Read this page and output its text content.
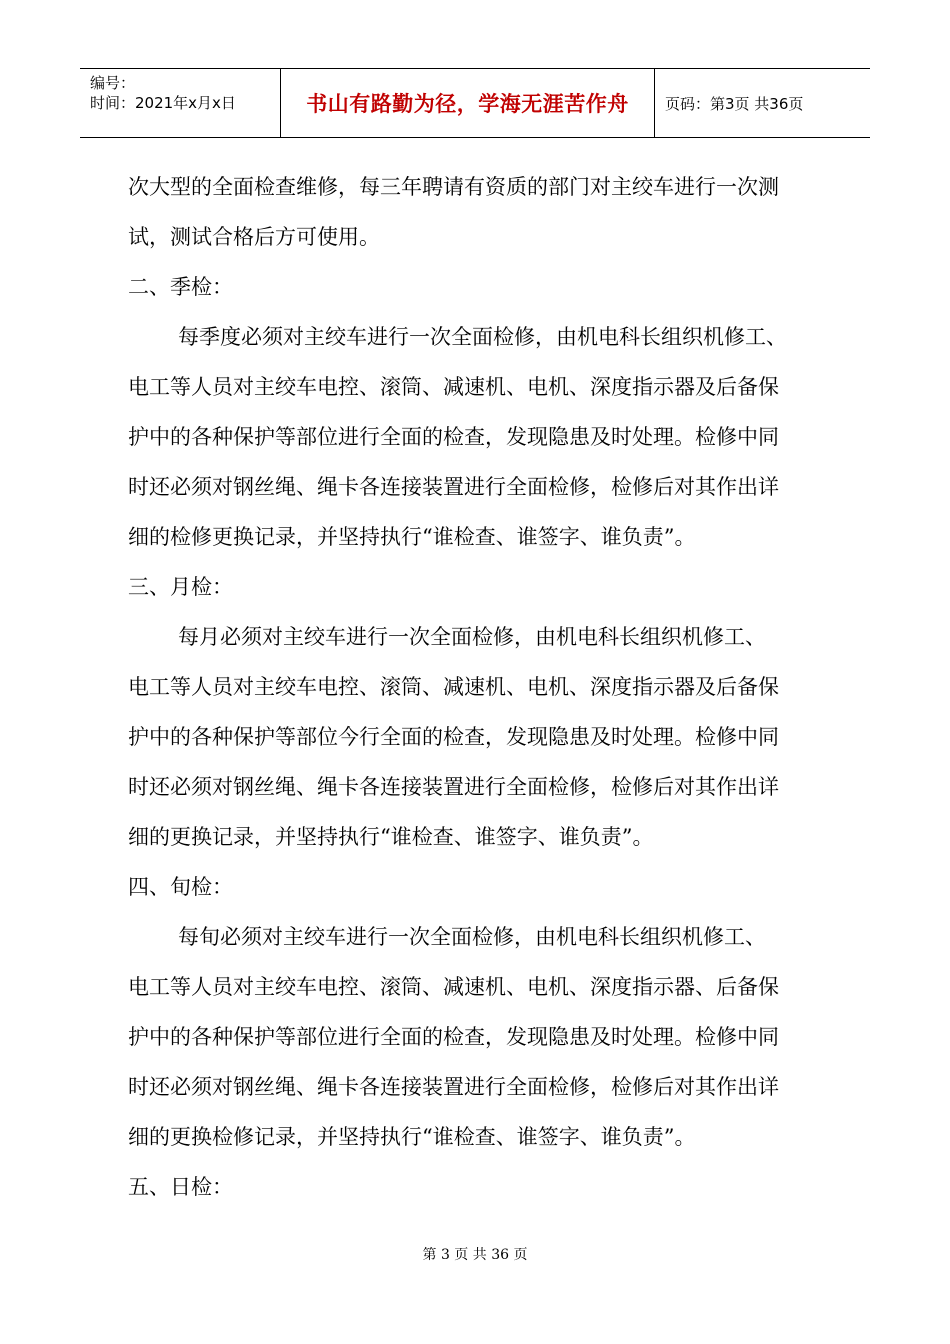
编号：
时间：2021年x月x日	书山有路勤为径，学海无涯苦作舟	页码：第3页 共36页
次大型的全面检查维修，每三年聘请有资质的部门对主绞车进行一次测
试，测试合格后方可使用。
二、季检：
每季度必须对主绞车进行一次全面检修，由机电科长组织机修工、
电工等人员对主绞车电控、滚筒、减速机、电机、深度指示器及后备保
护中的各种保护等部位进行全面的检查，发现隐患及时处理。检修中同
时还必须对钢丝绳、绳卡各连接装置进行全面检修，检修后对其作出详
细的检修更换记录，并坚持执行“谁检查、谁签字、谁负责”。
三、月检：
每月必须对主绞车进行一次全面检修，由机电科长组织机修工、
电工等人员对主绞车电控、滚筒、减速机、电机、深度指示器及后备保
护中的各种保护等部位今行全面的检查，发现隐患及时处理。检修中同
时还必须对钢丝绳、绳卡各连接装置进行全面检修，检修后对其作出详
细的更换记录，并坚持执行“谁检查、谁签字、谁负责”。
四、旬检：
每旬必须对主绞车进行一次全面检修，由机电科长组织机修工、
电工等人员对主绞车电控、滚筒、减速机、电机、深度指示器、后备保
护中的各种保护等部位进行全面的检查，发现隐患及时处理。检修中同
时还必须对钢丝绳、绳卡各连接装置进行全面检修，检修后对其作出详
细的更换检修记录，并坚持执行“谁检查、谁签字、谁负责”。
五、日检：
第 3 页 共 36 页
